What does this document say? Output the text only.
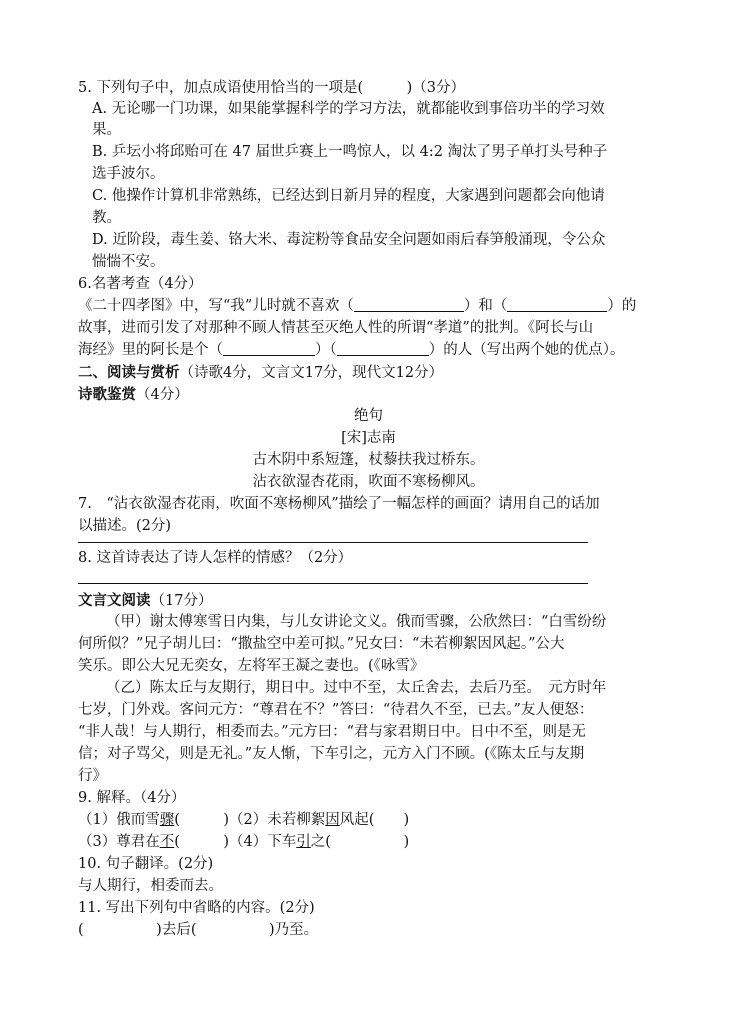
5. 下列句子中，加点成语使用恰当的一项是(　　　)（3分）
A. 无论哪一门功课，如果能掌握科学的学习方法，就都能收到事倍功半的学习效
果。
B. 乒坛小将邱贻可在 47 届世乒赛上一鸣惊人，以 4:2 淘汰了男子单打头号种子
选手波尔。
C. 他操作计算机非常熟练，已经达到日新月异的程度，大家遇到问题都会向他请
教。
D. 近阶段，毒生姜、铬大米、毒淀粉等食品安全问题如雨后春笋般涌现，令公众
惴惴不安。
6.名著考查（4分）
《二十四孝图》中，写“我”儿时就不喜欢（	）和（	）的
故事，进而引发了对那种不顾人情甚至灭绝人性的所谓“孝道”的批判。《阿长与山
海经》里的阿长是个（	）（	）的人（写出两个她的优点）。
二、阅读与赏析（诗歌4分，文言文17分，现代文12分）
诗歌鉴赏（4分）
绝句
[宋]志南
古木阴中系短篷，杖藜扶我过桥东。
沾衣欲湿杏花雨，吹面不寒杨柳风。
7.　“沾衣欲湿杏花雨，吹面不寒杨柳风”描绘了一幅怎样的画面？请用自己的话加
以描述。(2分)
8. 这首诗表达了诗人怎样的情感？（2分）
文言文阅读（17分）
（甲）谢太傅寒雪日内集，与儿女讲论文义。俄而雪骤，公欣然曰：“白雪纷纷
何所似？”兄子胡儿曰：“撒盐空中差可拟。”兄女曰：“未若柳絮因风起。”公大
笑乐。即公大兄无奕女，左将军王凝之妻也。(《咏雪》
（乙）陈太丘与友期行，期日中。过中不至，太丘舍去，去后乃至。　元方时年
七岁，门外戏。客问元方：“尊君在不？”答曰：“待君久不至，已去。”友人便怒：
“非人哉！与人期行，相委而去。”元方曰：“君与家君期日中。日中不至，则是无
信；对子骂父，则是无礼。”友人惭，下车引之，元方入门不顾。(《陈太丘与友期
行》
9. 解释。（4分）
（1）俄而雪骤(　　　)（2）未若柳絮因风起(　　)
（3）尊君在不(　　　)（4）下车引之(　　　　　)
10. 句子翻译。(2分)
与人期行，相委而去。
11. 写出下列句中省略的内容。(2分)
(　　　　　)去后(　　　　　)乃至。
